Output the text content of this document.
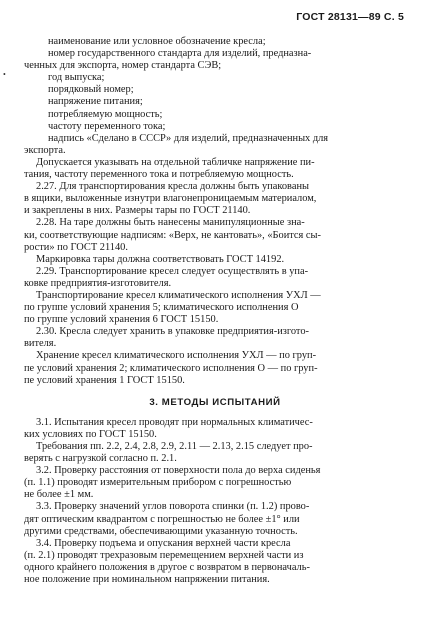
ГОСТ 28131—89 С. 5
•
наименование или условное обозначение кресла;
номер государственного стандарта для изделий, предназна-
ченных для экспорта, номер стандарта СЭВ;
год выпуска;
порядковый номер;
напряжение питания;
потребляемую мощность;
частоту переменного тока;
надпись «Сделано в СССР» для изделий, предназначенных для
экспорта.
Допускается указывать на отдельной табличке напряжение пи-
тания, частоту переменного тока и потребляемую мощность.
2.27. Для транспортирования кресла должны быть упакованы
в ящики, выложенные изнутри влагонепроницаемым материалом,
и закреплены в них. Размеры тары по ГОСТ 21140.
2.28. На таре должны быть нанесены манипуляционные зна-
ки, соответствующие надписям: «Верх, не кантовать», «Боится сы-
рости» по ГОСТ 21140.
Маркировка тары должна соответствовать ГОСТ 14192.
2.29. Транспортирование кресел следует осуществлять в упа-
ковке предприятия-изготовителя.
Транспортирование кресел климатического исполнения УХЛ —
по группе условий хранения 5; климатического исполнения О
по группе условий хранения 6 ГОСТ 15150.
2.30. Кресла следует хранить в упаковке предприятия-изгото-
вителя.
Хранение кресел климатического исполнения УХЛ — по груп-
пе условий хранения 2; климатического исполнения О — по груп-
пе условий хранения 1 ГОСТ 15150.
3. МЕТОДЫ ИСПЫТАНИЙ
3.1. Испытания кресел проводят при нормальных климатичес-
ких условиях по ГОСТ 15150.
Требования пп. 2.2, 2.4, 2.8, 2.9, 2.11 — 2.13, 2.15 следует про-
верять с нагрузкой согласно п. 2.1.
3.2. Проверку расстояния от поверхности пола до верха сиденья
(п. 1.1) проводят измерительным прибором с погрешностью
не более ±1 мм.
3.3. Проверку значений углов поворота спинки (п. 1.2) прово-
дят оптическим квадрантом с погрешностью не более ±1° или
другими средствами, обеспечивающими указанную точность.
3.4. Проверку подъема и опускания верхней части кресла
(п. 2.1) проводят трехразовым перемещением верхней части из
одного крайнего положения в другое с возвратом в первоначаль-
ное положение при номинальном напряжении питания.
